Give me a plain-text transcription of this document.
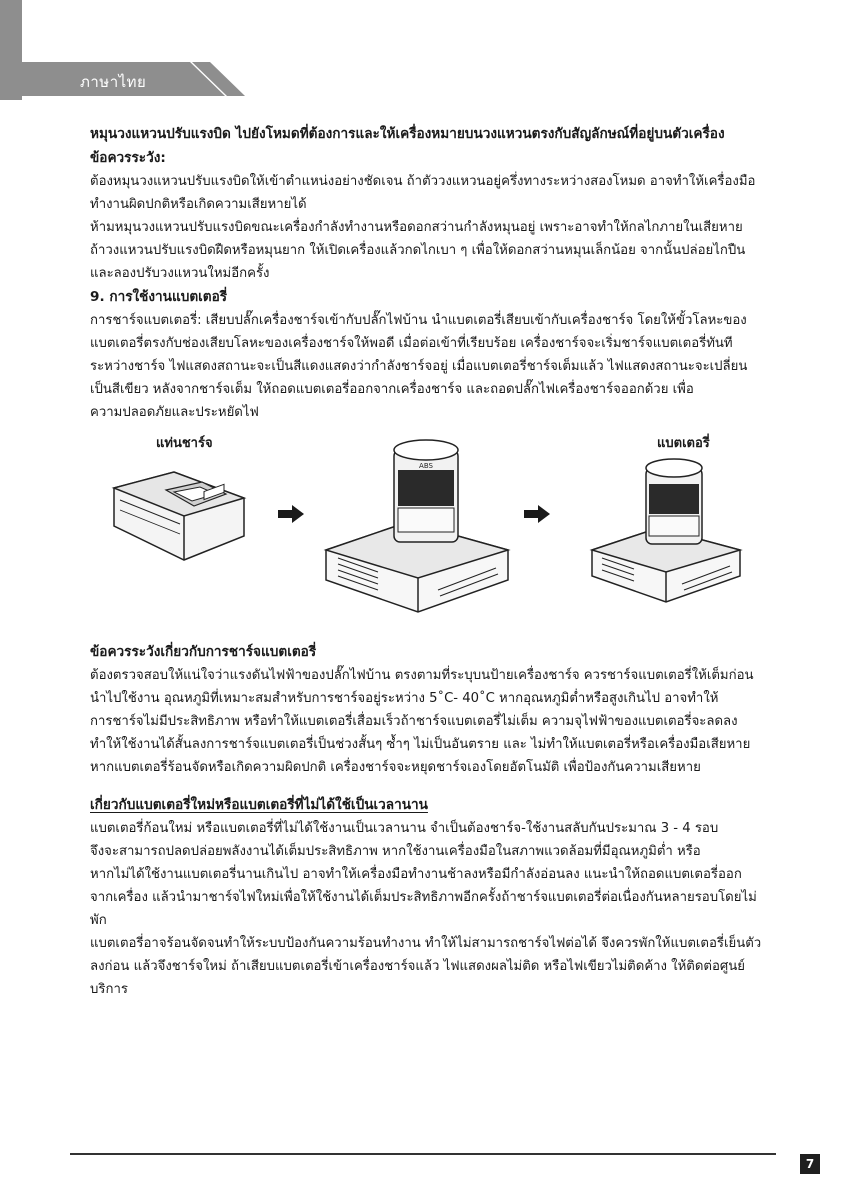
ภาษาไทย

หมุนวงแหวนปรับแรงบิด ไปยังโหมดที่ต้องการและให้เครื่องหมายบนวงแหวนตรงกับสัญลักษณ์ที่อยู่บนตัวเครื่อง

ข้อควรระวัง:

ต้องหมุนวงแหวนปรับแรงบิดให้เข้าตำแหน่งอย่างชัดเจน ถ้าตัววงแหวนอยู่ครึ่งทางระหว่างสองโหมด อาจทำให้เครื่องมือ

ทำงานผิดปกติหรือเกิดความเสียหายได้

ห้ามหมุนวงแหวนปรับแรงบิดขณะเครื่องกำลังทำงานหรือดอกสว่านกำลังหมุนอยู่ เพราะอาจทำให้กลไกภายในเสียหาย

ถ้าวงแหวนปรับแรงบิดฝืดหรือหมุนยาก ให้เปิดเครื่องแล้วกดไกเบา ๆ เพื่อให้ดอกสว่านหมุนเล็กน้อย จากนั้นปล่อยไกปืน

และลองปรับวงแหวนใหม่อีกครั้ง

9. การใช้งานแบตเตอรี่

การชาร์จแบตเตอรี่: เสียบปลั๊กเครื่องชาร์จเข้ากับปลั๊กไฟบ้าน นำแบตเตอรี่เสียบเข้ากับเครื่องชาร์จ โดยให้ขั้วโลหะของ

แบตเตอรี่ตรงกับช่องเสียบโลหะของเครื่องชาร์จให้พอดี เมื่อต่อเข้าที่เรียบร้อย เครื่องชาร์จจะเริ่มชาร์จแบตเตอรี่ทันที

ระหว่างชาร์จ ไฟแสดงสถานะจะเป็นสีแดงแสดงว่ากำลังชาร์จอยู่ เมื่อแบตเตอรี่ชาร์จเต็มแล้ว ไฟแสดงสถานะจะเปลี่ยน

เป็นสีเขียว หลังจากชาร์จเต็ม ให้ถอดแบตเตอรี่ออกจากเครื่องชาร์จ และถอดปลั๊กไฟเครื่องชาร์จออกด้วย เพื่อ

ความปลอดภัยและประหยัดไฟ

แท่นชาร์จ	แบตเตอรี่
ABS

ข้อควรระวังเกี่ยวกับการชาร์จแบตเตอรี่

ต้องตรวจสอบให้แน่ใจว่าแรงดันไฟฟ้าของปลั๊กไฟบ้าน ตรงตามที่ระบุบนป้ายเครื่องชาร์จ ควรชาร์จแบตเตอรี่ให้เต็มก่อน

นำไปใช้งาน อุณหภูมิที่เหมาะสมสำหรับการชาร์จอยู่ระหว่าง 5˚C- 40˚C หากอุณหภูมิต่ำหรือสูงเกินไป อาจทำให้

การชาร์จไม่มีประสิทธิภาพ หรือทำให้แบตเตอรี่เสื่อมเร็วถ้าชาร์จแบตเตอรี่ไม่เต็ม ความจุไฟฟ้าของแบตเตอรี่จะลดลง

ทำให้ใช้งานได้สั้นลงการชาร์จแบตเตอรี่เป็นช่วงสั้นๆ ซ้ำๆ ไม่เป็นอันตราย และ ไม่ทำให้แบตเตอรี่หรือเครื่องมือเสียหาย

หากแบตเตอรี่ร้อนจัดหรือเกิดความผิดปกติ เครื่องชาร์จจะหยุดชาร์จเองโดยอัตโนมัติ เพื่อป้องกันความเสียหาย

เกี่ยวกับแบตเตอรี่ใหม่หรือแบตเตอรี่ที่ไม่ได้ใช้เป็นเวลานาน

แบตเตอรี่ก้อนใหม่ หรือแบตเตอรี่ที่ไม่ได้ใช้งานเป็นเวลานาน จำเป็นต้องชาร์จ-ใช้งานสลับกันประมาณ 3 - 4 รอบ

จึงจะสามารถปลดปล่อยพลังงานได้เต็มประสิทธิภาพ หากใช้งานเครื่องมือในสภาพแวดล้อมที่มีอุณหภูมิต่ำ หรือ

หากไม่ได้ใช้งานแบตเตอรี่นานเกินไป อาจทำให้เครื่องมือทำงานช้าลงหรือมีกำลังอ่อนลง แนะนำให้ถอดแบตเตอรี่ออก

จากเครื่อง แล้วนำมาชาร์จไฟใหม่เพื่อให้ใช้งานได้เต็มประสิทธิภาพอีกครั้งถ้าชาร์จแบตเตอรี่ต่อเนื่องกันหลายรอบโดยไม่พัก

แบตเตอรี่อาจร้อนจัดจนทำให้ระบบป้องกันความร้อนทำงาน ทำให้ไม่สามารถชาร์จไฟต่อได้ จึงควรพักให้แบตเตอรี่เย็นตัว

ลงก่อน แล้วจึงชาร์จใหม่ ถ้าเสียบแบตเตอรี่เข้าเครื่องชาร์จแล้ว ไฟแสดงผลไม่ติด หรือไฟเขียวไม่ติดค้าง ให้ติดต่อศูนย์บริการ

7
